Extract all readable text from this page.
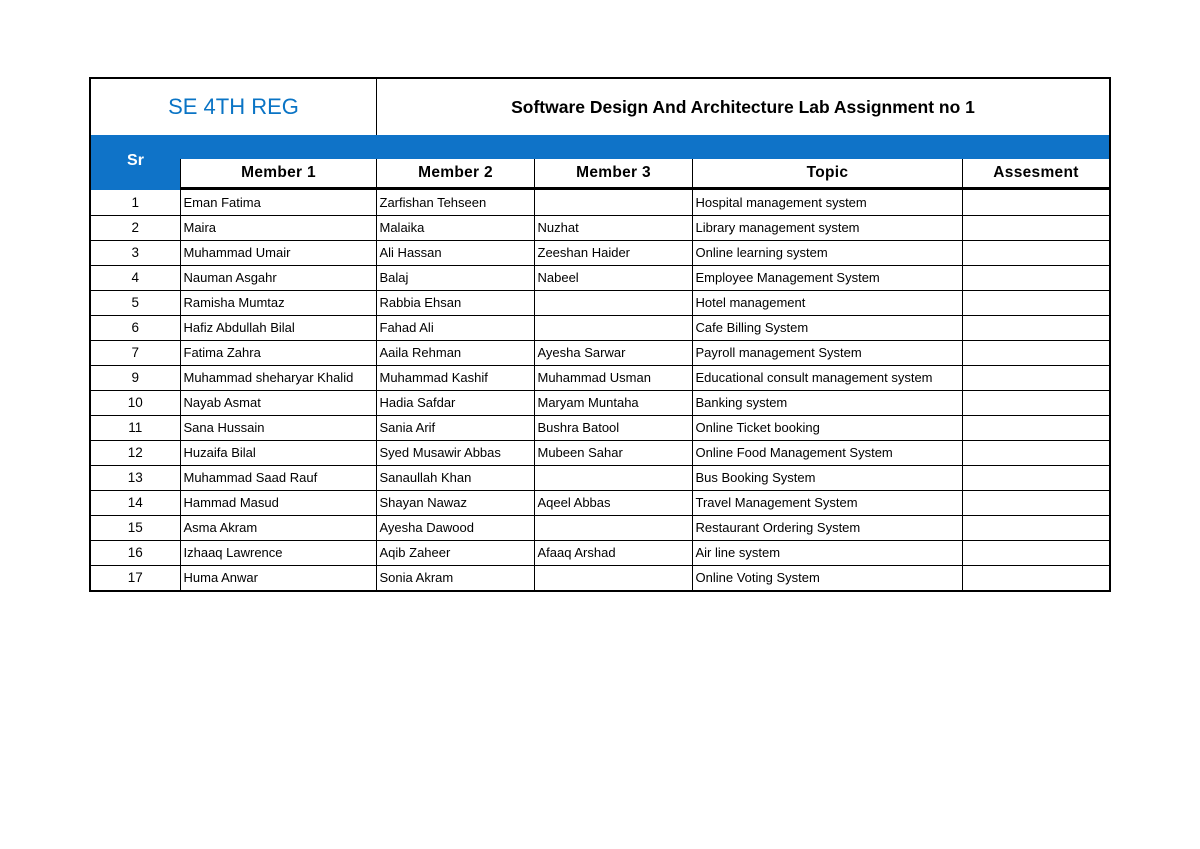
SE 4TH REG	Software Design And Architecture Lab Assignment no 1
Sr
Member 1	Member 2	Member 3	Topic	Assesment
1	Eman Fatima	Zarfishan Tehseen		Hospital management system	
2	Maira	Malaika	Nuzhat	Library management system	
3	Muhammad Umair	Ali Hassan	Zeeshan Haider	Online learning system	
4	Nauman Asgahr	Balaj	Nabeel	Employee Management System	
5	Ramisha Mumtaz	Rabbia Ehsan		Hotel management	
6	Hafiz Abdullah Bilal	Fahad Ali		Cafe Billing System	
7	Fatima Zahra	Aaila Rehman	Ayesha Sarwar	Payroll management System	
9	Muhammad sheharyar Khalid	Muhammad Kashif	Muhammad Usman	Educational consult management system	
10	Nayab Asmat	Hadia Safdar	Maryam Muntaha	Banking system	
11	Sana Hussain	Sania Arif	Bushra Batool	Online Ticket booking	
12	Huzaifa Bilal	Syed Musawir Abbas	Mubeen Sahar	Online Food Management System	
13	Muhammad Saad Rauf	Sanaullah Khan		Bus Booking System	
14	Hammad Masud	Shayan Nawaz	Aqeel Abbas	Travel Management System	
15	Asma Akram	Ayesha Dawood		Restaurant Ordering System	
16	Izhaaq Lawrence	Aqib Zaheer	Afaaq Arshad	Air line system	
17	Huma Anwar	Sonia Akram		Online Voting System	
